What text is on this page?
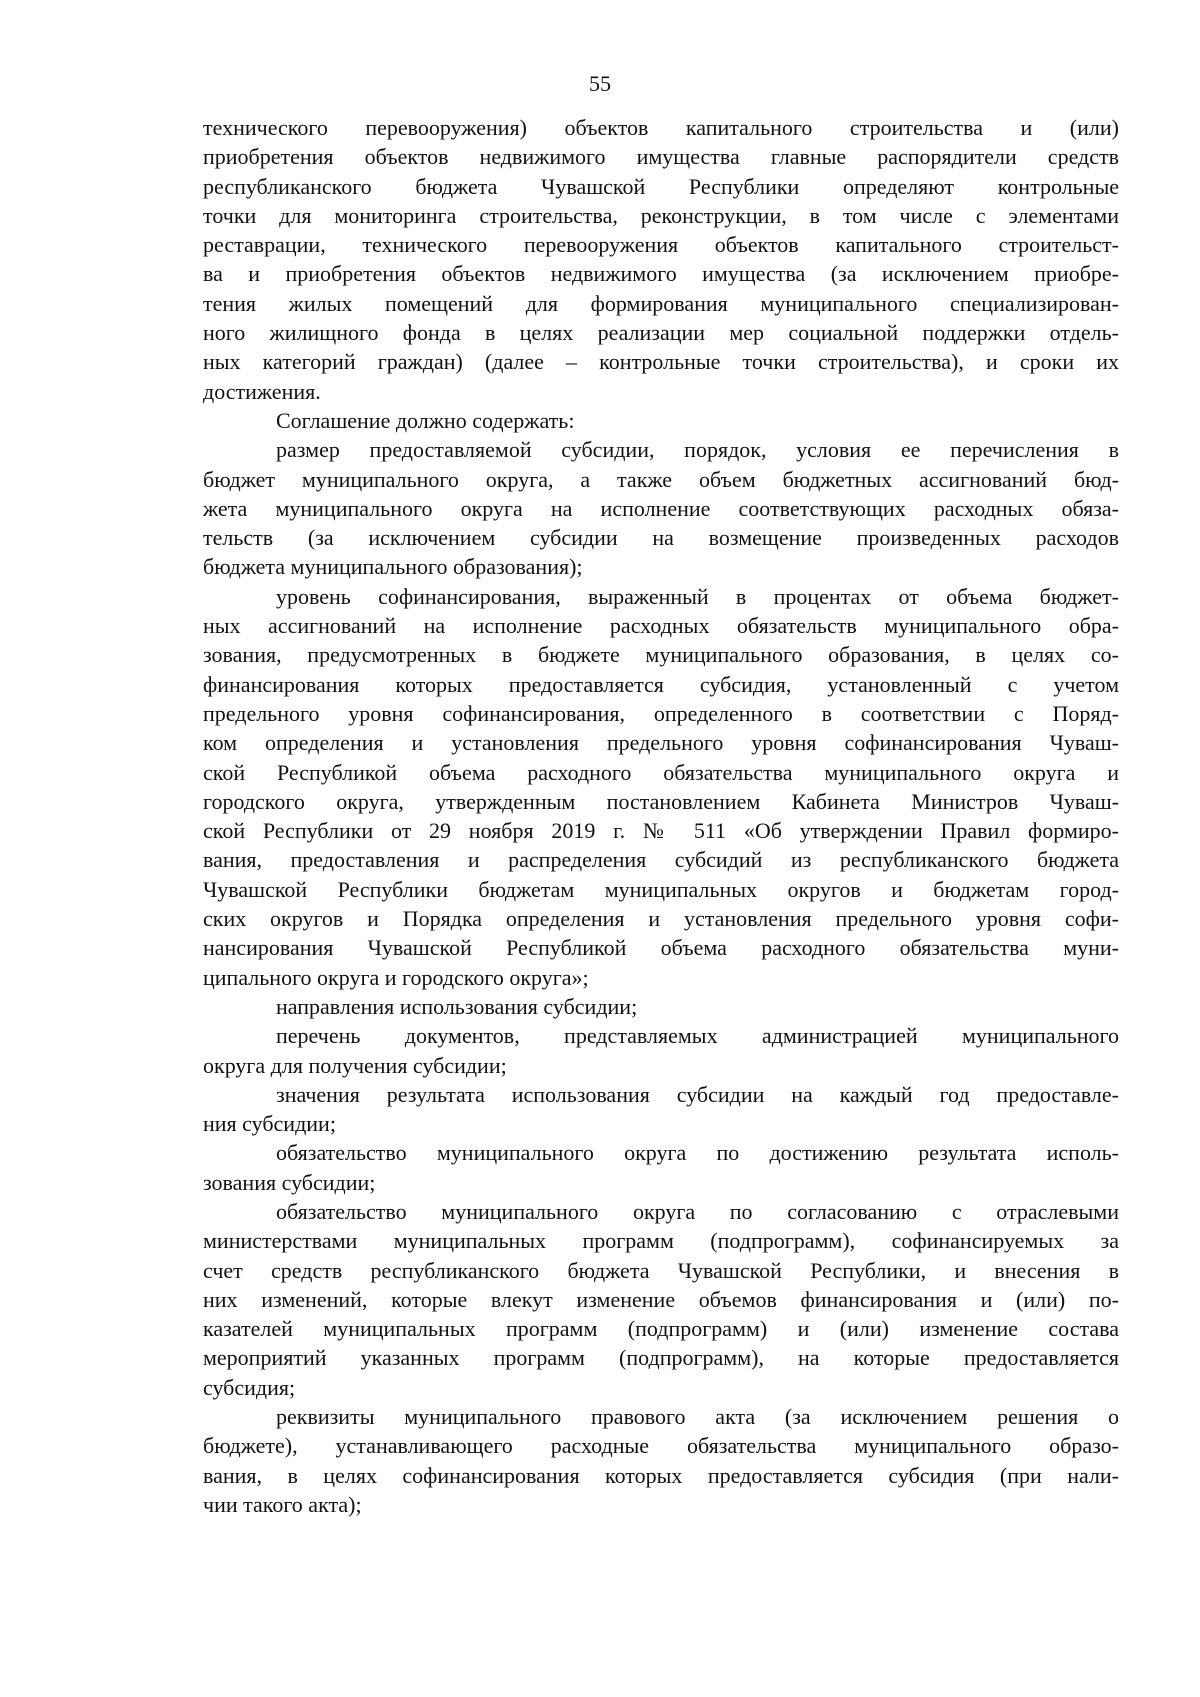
55
технического перевооружения) объектов капитального строительства и (или)
приобретения объектов недвижимого имущества главные распорядители средств
республиканского бюджета Чувашской Республики определяют контрольные
точки для мониторинга строительства, реконструкции, в том числе с элементами
реставрации, технического перевооружения объектов капитального строительст-
ва и приобретения объектов недвижимого имущества (за исключением приобре-
тения жилых помещений для формирования муниципального специализирован-
ного жилищного фонда в целях реализации мер социальной поддержки отдель-
ных категорий граждан) (далее – контрольные точки строительства), и сроки их
достижения.
Соглашение должно содержать:
размер предоставляемой субсидии, порядок, условия ее перечисления в
бюджет муниципального округа, а также объем бюджетных ассигнований бюд-
жета муниципального округа на исполнение соответствующих расходных обяза-
тельств (за исключением субсидии на возмещение произведенных расходов
бюджета муниципального образования);
уровень софинансирования, выраженный в процентах от объема бюджет-
ных ассигнований на исполнение расходных обязательств муниципального обра-
зования, предусмотренных в бюджете муниципального образования, в целях со-
финансирования которых предоставляется субсидия, установленный с учетом
предельного уровня софинансирования, определенного в соответствии с Поряд-
ком определения и установления предельного уровня софинансирования Чуваш-
ской Республикой объема расходного обязательства муниципального округа и
городского округа, утвержденным постановлением Кабинета Министров Чуваш-
ской Республики от 29 ноября 2019 г. № 511 «Об утверждении Правил формиро-
вания, предоставления и распределения субсидий из республиканского бюджета
Чувашской Республики бюджетам муниципальных округов и бюджетам город-
ских округов и Порядка определения и установления предельного уровня софи-
нансирования Чувашской Республикой объема расходного обязательства муни-
ципального округа и городского округа»;
направления использования субсидии;
перечень документов, представляемых администрацией муниципального
округа для получения субсидии;
значения результата использования субсидии на каждый год предоставле-
ния субсидии;
обязательство муниципального округа по достижению результата исполь-
зования субсидии;
обязательство муниципального округа по согласованию с отраслевыми
министерствами муниципальных программ (подпрограмм), софинансируемых за
счет средств республиканского бюджета Чувашской Республики, и внесения в
них изменений, которые влекут изменение объемов финансирования и (или) по-
казателей муниципальных программ (подпрограмм) и (или) изменение состава
мероприятий указанных программ (подпрограмм), на которые предоставляется
субсидия;
реквизиты муниципального правового акта (за исключением решения о
бюджете), устанавливающего расходные обязательства муниципального образо-
вания, в целях софинансирования которых предоставляется субсидия (при нали-
чии такого акта);
